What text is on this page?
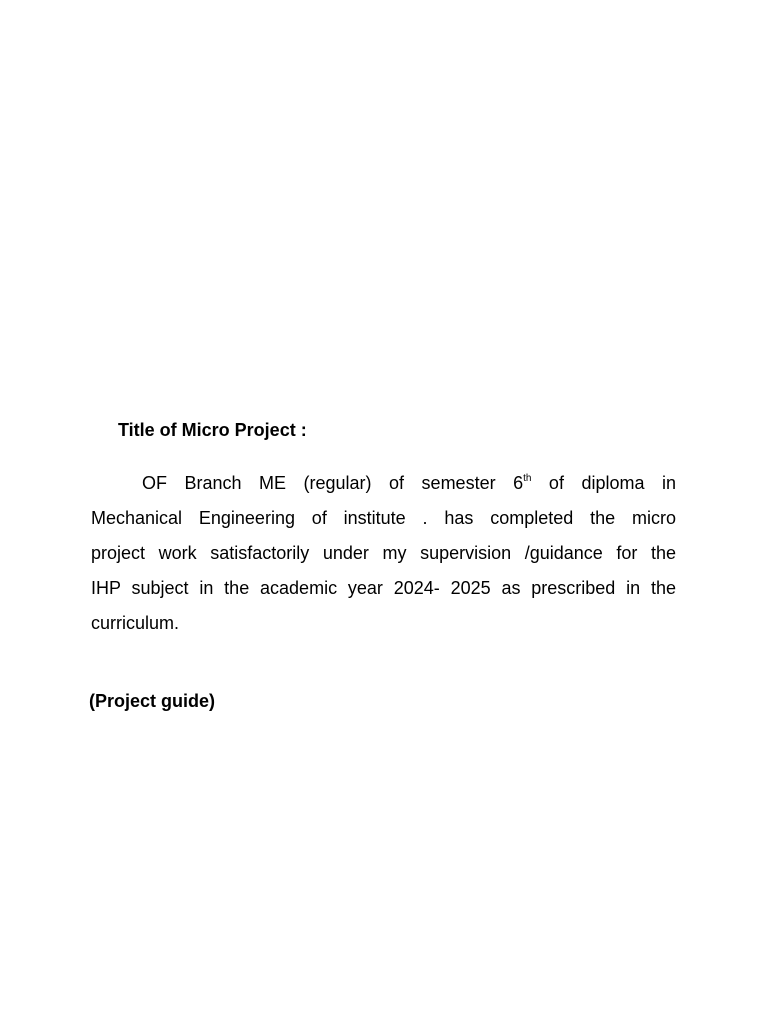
Title of Micro Project :

OF Branch ME (regular) of semester 6th of diploma in
Mechanical Engineering of institute . has completed the micro
project work satisfactorily under my supervision /guidance for the
IHP subject in the academic year 2024- 2025 as prescribed in the
curriculum.

(Project guide)
